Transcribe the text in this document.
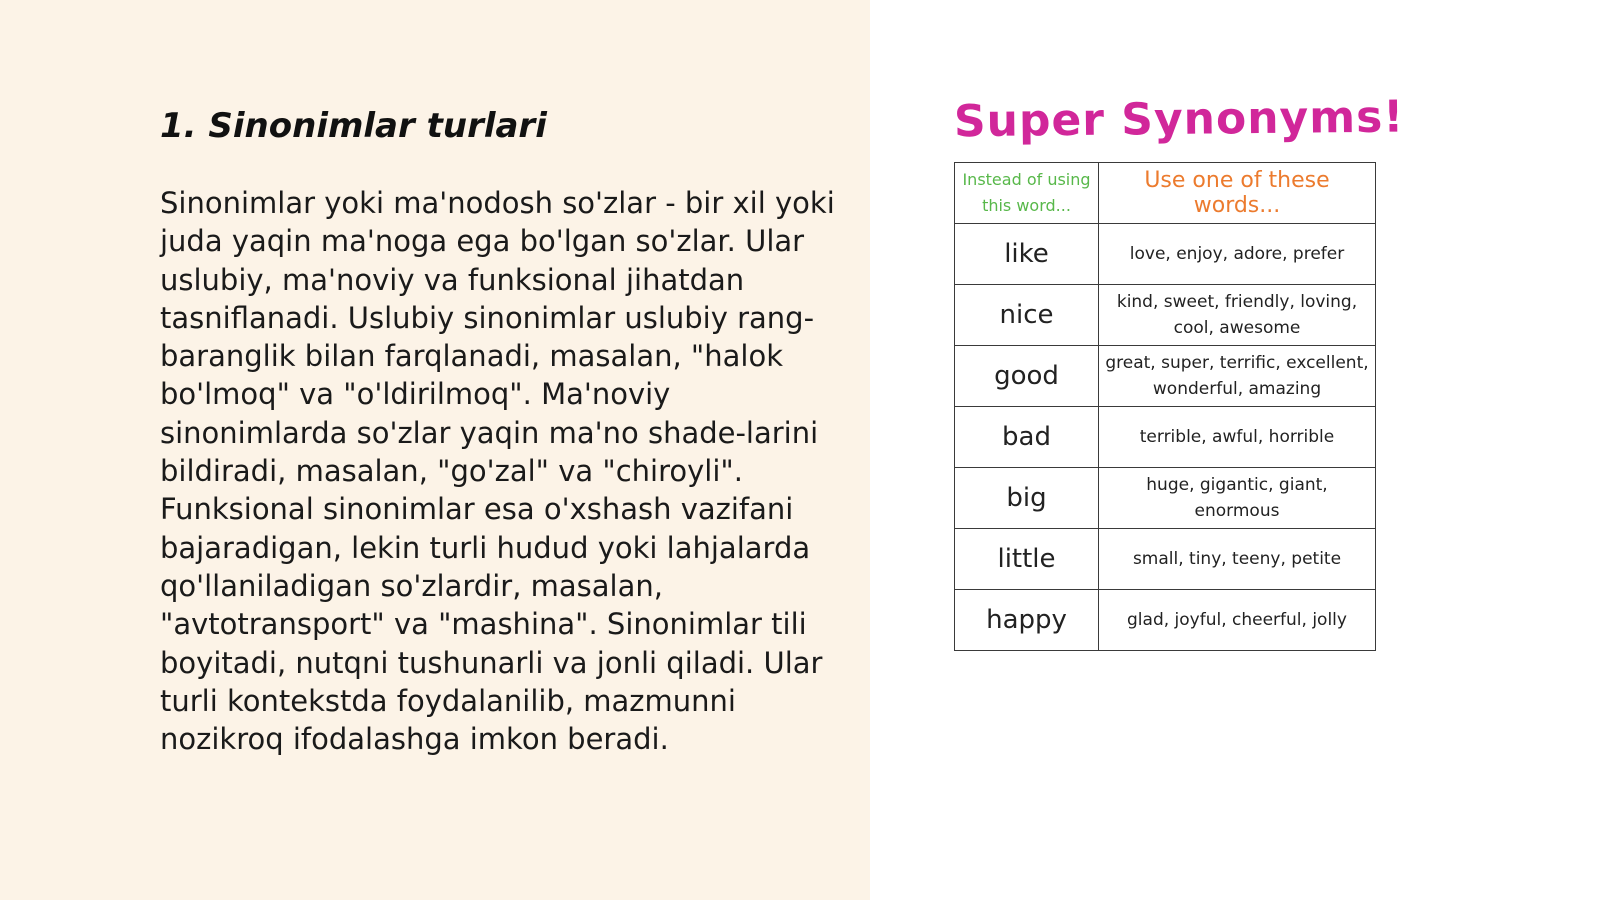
1. Sinonimlar turlari

Sinonimlar yoki ma'nodosh so'zlar - bir xil yoki juda yaqin ma'noga ega bo'lgan so'zlar. Ular uslubiy, ma'noviy va funksional jihatdan tasniflanadi. Uslubiy sinonimlar uslubiy rang-baranglik bilan farqlanadi, masalan, "halok bo'lmoq" va "o'ldirilmoq". Ma'noviy sinonimlarda so'zlar yaqin ma'no shade-larini bildiradi, masalan, "go'zal" va "chiroyli". Funksional sinonimlar esa o'xshash vazifani bajaradigan, lekin turli hudud yoki lahjalarda qo'llaniladigan so'zlardir, masalan, "avtotransport" va "mashina". Sinonimlar tili boyitadi, nutqni tushunarli va jonli qiladi. Ular turli kontekstda foydalanilib, mazmunni nozikroq ifodalashga imkon beradi.

Super Synonyms!
Instead of using this word...	Use one of these words...
like	love, enjoy, adore, prefer
nice	kind, sweet, friendly, loving, cool, awesome
good	great, super, terrific, excellent, wonderful, amazing
bad	terrible, awful, horrible
big	huge, gigantic, giant, enormous
little	small, tiny, teeny, petite
happy	glad, joyful, cheerful, jolly
